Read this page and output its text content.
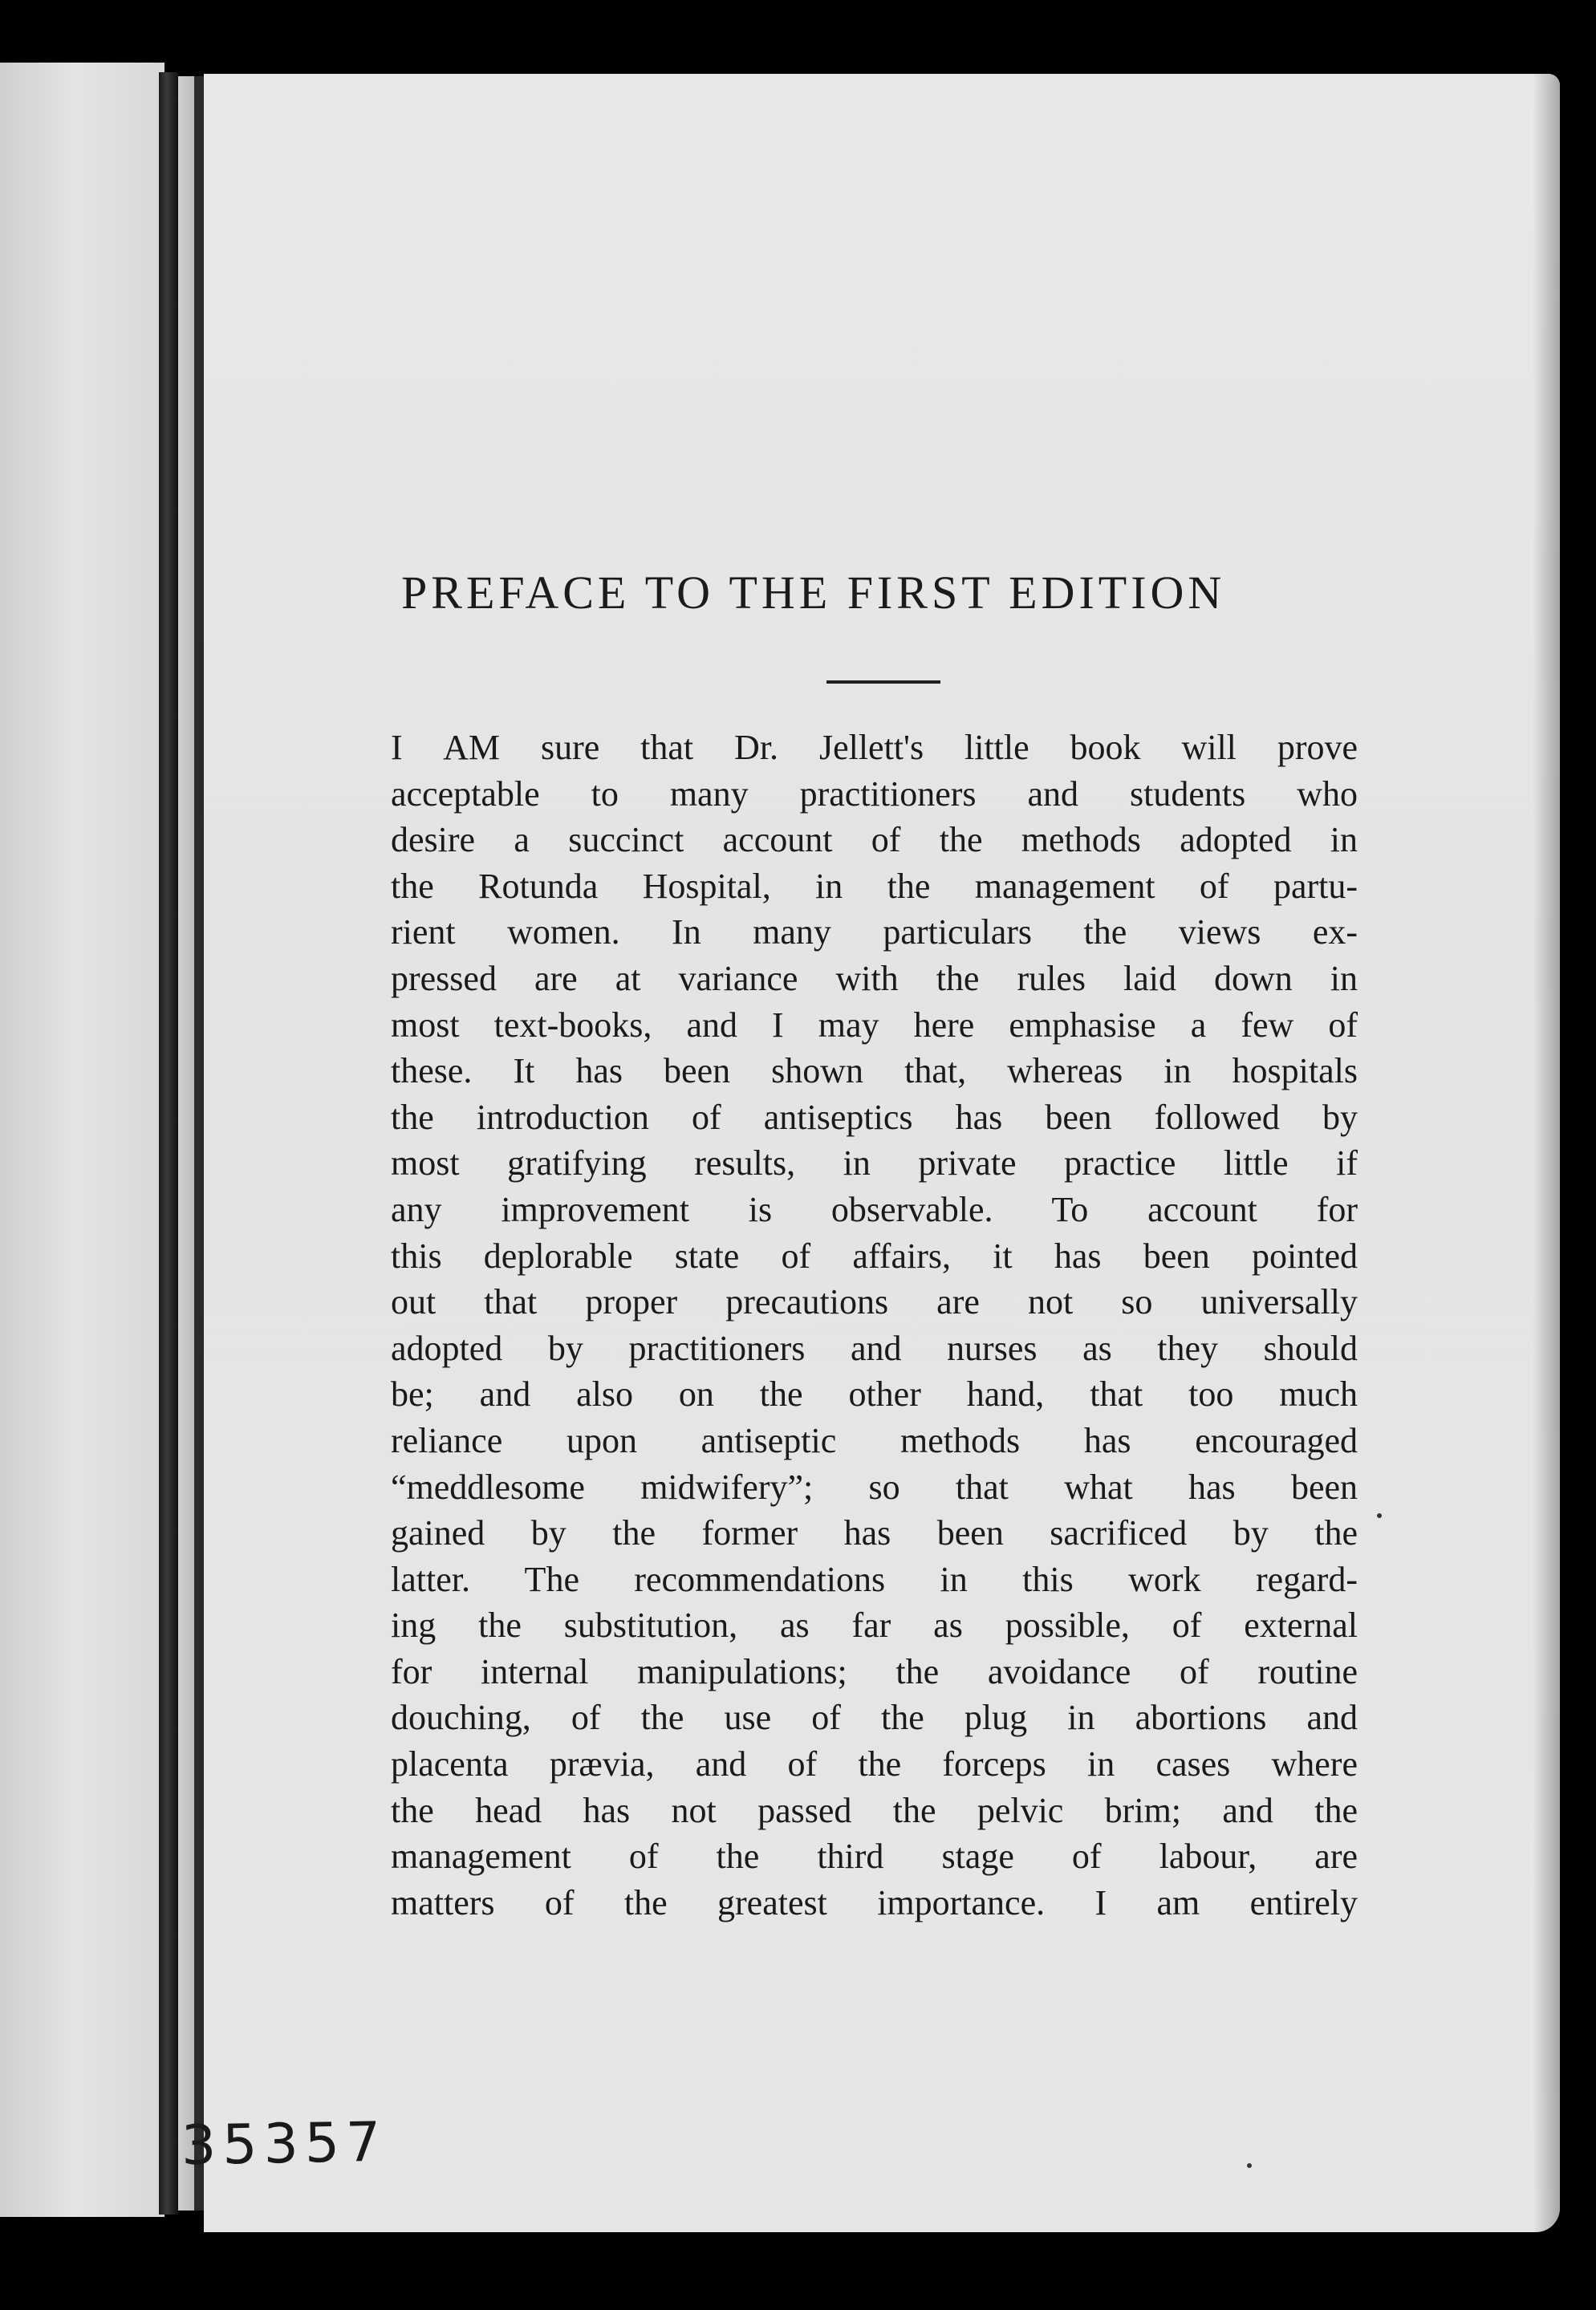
PREFACE TO THE FIRST EDITION
I AM sure that Dr. Jellett's little book will prove
acceptable to many practitioners and students who
desire a succinct account of the methods adopted in
the Rotunda Hospital, in the management of partu-
rient women. In many particulars the views ex-
pressed are at variance with the rules laid down in
most text-books, and I may here emphasise a few of
these. It has been shown that, whereas in hospitals
the introduction of antiseptics has been followed by
most gratifying results, in private practice little if
any improvement is observable. To account for
this deplorable state of affairs, it has been pointed
out that proper precautions are not so universally
adopted by practitioners and nurses as they should
be; and also on the other hand, that too much
reliance upon antiseptic methods has encouraged
“meddlesome midwifery”; so that what has been
gained by the former has been sacrificed by the
latter. The recommendations in this work regard-
ing the substitution, as far as possible, of external
for internal manipulations; the avoidance of routine
douching, of the use of the plug in abortions and
placenta prævia, and of the forceps in cases where
the head has not passed the pelvic brim; and the
management of the third stage of labour, are
matters of the greatest importance. I am entirely
35357
